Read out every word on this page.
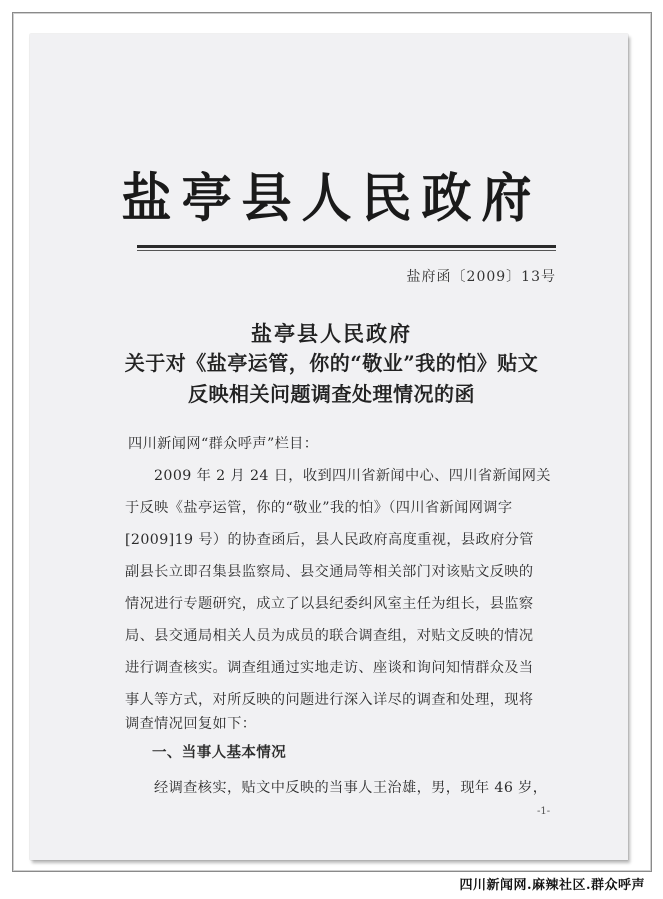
盐亭县人民政府
盐府函〔2009〕13号
盐亭县人民政府
关于对《盐亭运管，你的“敬业”我的怕》贴文
反映相关问题调查处理情况的函
四川新闻网“群众呼声”栏目：
2009 年 2 月 24 日，收到四川省新闻中心、四川省新闻网关
于反映《盐亭运管，你的“敬业”我的怕》（四川省新闻网调字
[2009]19 号）的协查函后，县人民政府高度重视，县政府分管
副县长立即召集县监察局、县交通局等相关部门对该贴文反映的
情况进行专题研究，成立了以县纪委纠风室主任为组长，县监察
局、县交通局相关人员为成员的联合调查组，对贴文反映的情况
进行调查核实。调查组通过实地走访、座谈和询问知情群众及当
事人等方式，对所反映的问题进行深入详尽的调查和处理，现将
调查情况回复如下：
一、当事人基本情况
经调查核实，贴文中反映的当事人王治雄，男，现年 46 岁，
-1-
四川新闻网.麻辣社区.群众呼声
